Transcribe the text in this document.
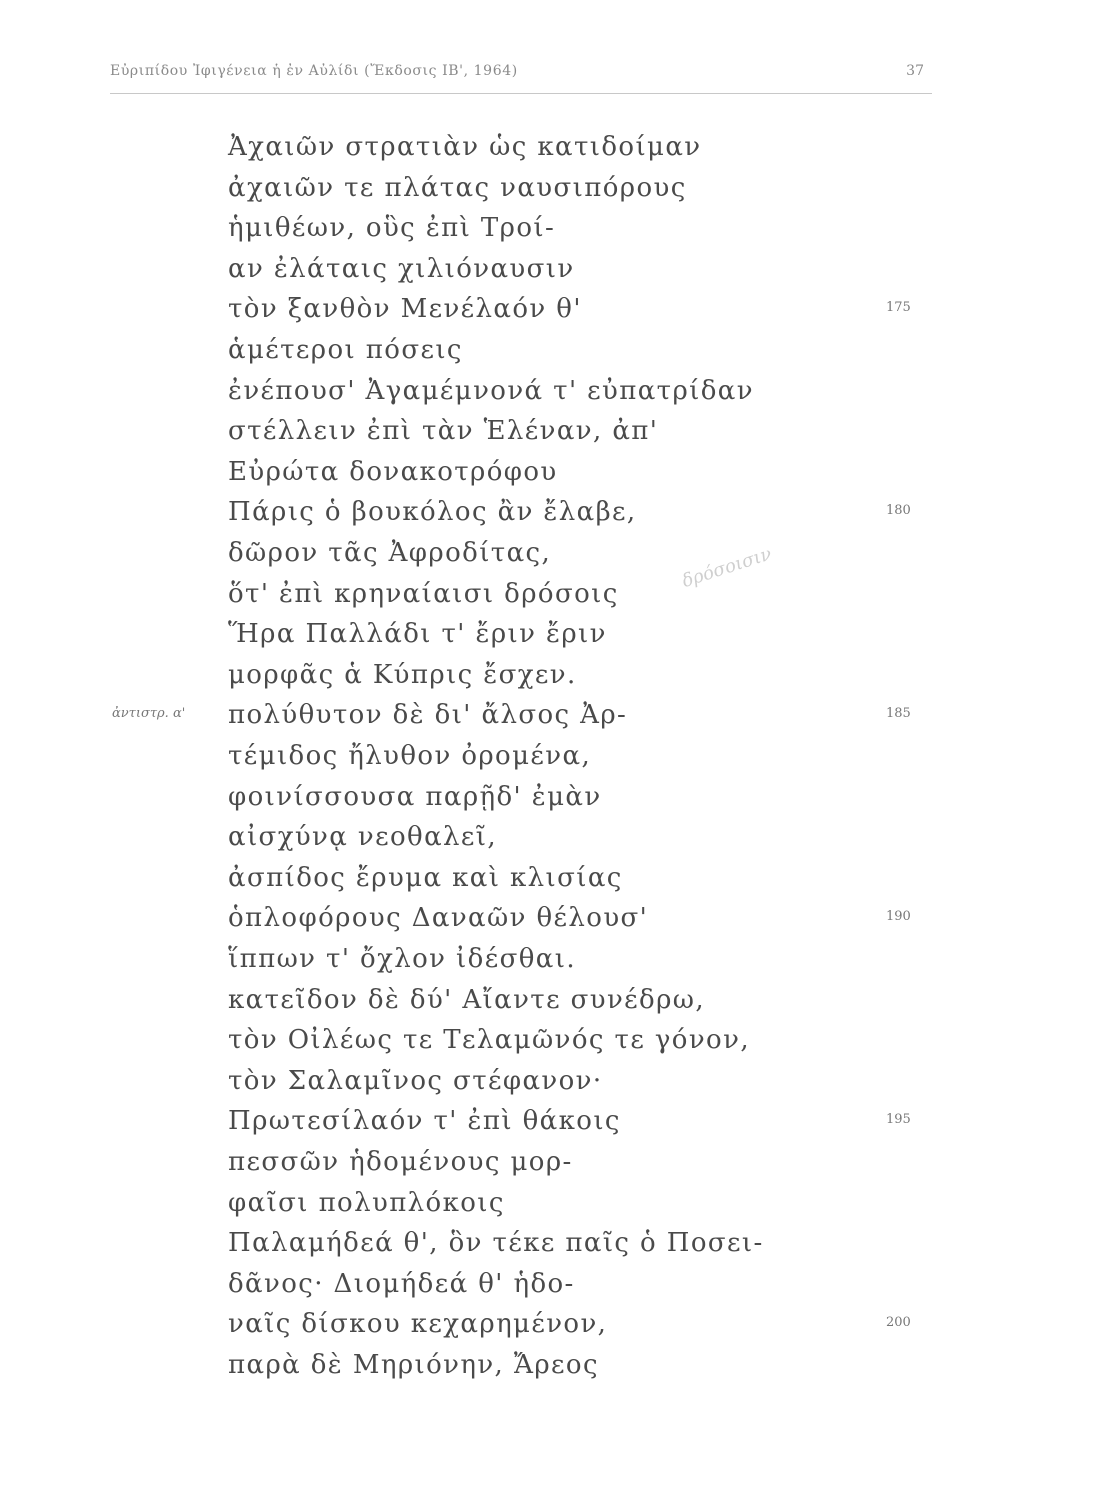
Εὐριπίδου Ἰφιγένεια ἡ ἐν Αὐλίδι (Ἔκδοσις ΙΒ', 1964)	37
Ἀχαιῶν στρατιὰν ὡς κατιδοίμαν
ἀχαιῶν τε πλάτας ναυσιπόρους
ἡμιθέων, οὓς ἐπὶ Τροί-
αν ἐλάταις χιλιόναυσιν
τὸν ξανθὸν Μενέλαόν θ'
ἁμέτεροι πόσεις
ἐνέπουσ' Ἀγαμέμνονά τ' εὐπατρίδαν
στέλλειν ἐπὶ τὰν Ἑλέναν, ἀπ'
Εὐρώτα δονακοτρόφου
Πάρις ὁ βουκόλος ἂν ἔλαβε,
δῶρον τᾶς Ἀφροδίτας,
ὅτ' ἐπὶ κρηναίαισι δρόσοις
Ἥρα Παλλάδι τ' ἔριν ἔριν
μορφᾶς ἁ Κύπρις ἔσχεν.
πολύθυτον δὲ δι' ἄλσος Ἀρ-
τέμιδος ἤλυθον ὀρομένα,
φοινίσσουσα παρῇδ' ἐμὰν
αἰσχύνᾳ νεοθαλεῖ,
ἀσπίδος ἔρυμα καὶ κλισίας
ὁπλοφόρους Δαναῶν θέλουσ'
ἵππων τ' ὄχλον ἰδέσθαι.
κατεῖδον δὲ δύ' Αἴαντε συνέδρω,
τὸν Οἰλέως τε Τελαμῶνός τε γόνον,
τὸν Σαλαμῖνος στέφανον·
Πρωτεσίλαόν τ' ἐπὶ θάκοις
πεσσῶν ἡδομένους μορ-
φαῖσι πολυπλόκοις
Παλαμήδεά θ', ὃν τέκε παῖς ὁ Ποσει-
δᾶνος· Διομήδεά θ' ἡδο-
ναῖς δίσκου κεχαρημένον,
παρὰ δὲ Μηριόνην, Ἄρεος
175
180
185
190
195
200
ἀντιστρ. α'
δρόσοισιν
